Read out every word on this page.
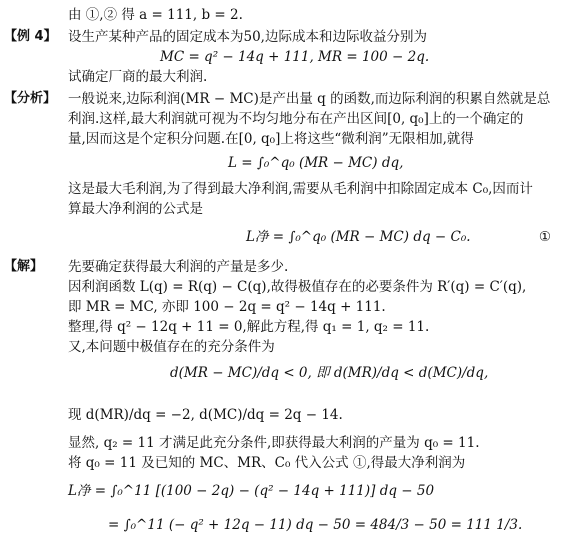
由 ①,② 得 a = 111, b = 2.
【例 4】 设生产某种产品的固定成本为50,边际成本和边际收益分别为
MC = q² − 14q + 111, MR = 100 − 2q.
试确定厂商的最大利润.
【分析】 一般说来,边际利润(MR − MC)是产出量 q 的函数,而边际利润的积累自然就是总
利润.这样,最大利润就可视为不均匀地分布在产出区间[0, q₀]上的一个确定的
量,因而这是个定积分问题.在[0, q₀]上将这些“微利润”无限相加,就得
L = ∫₀^q₀ (MR − MC) dq,
这是最大毛利润,为了得到最大净利润,需要从毛利润中扣除固定成本 C₀,因而计
算最大净利润的公式是
L净 = ∫₀^q₀ (MR − MC) dq − C₀.	①
【解】 先要确定获得最大利润的产量是多少.
因利润函数 L(q) = R(q) − C(q),故得极值存在的必要条件为 R′(q) = C′(q),
即 MR = MC, 亦即 100 − 2q = q² − 14q + 111.
整理,得 q² − 12q + 11 = 0,解此方程,得 q₁ = 1, q₂ = 11.
又,本问题中极值存在的充分条件为
d(MR − MC)/dq < 0, 即 d(MR)/dq < d(MC)/dq,
现 d(MR)/dq = −2, d(MC)/dq = 2q − 14.
显然, q₂ = 11 才满足此充分条件,即获得最大利润的产量为 q₀ = 11.
将 q₀ = 11 及已知的 MC、MR、C₀ 代入公式 ①,得最大净利润为
L净 = ∫₀^11 [(100 − 2q) − (q² − 14q + 111)] dq − 50
= ∫₀^11 (− q² + 12q − 11) dq − 50 = 484/3 − 50 = 111 1/3.
